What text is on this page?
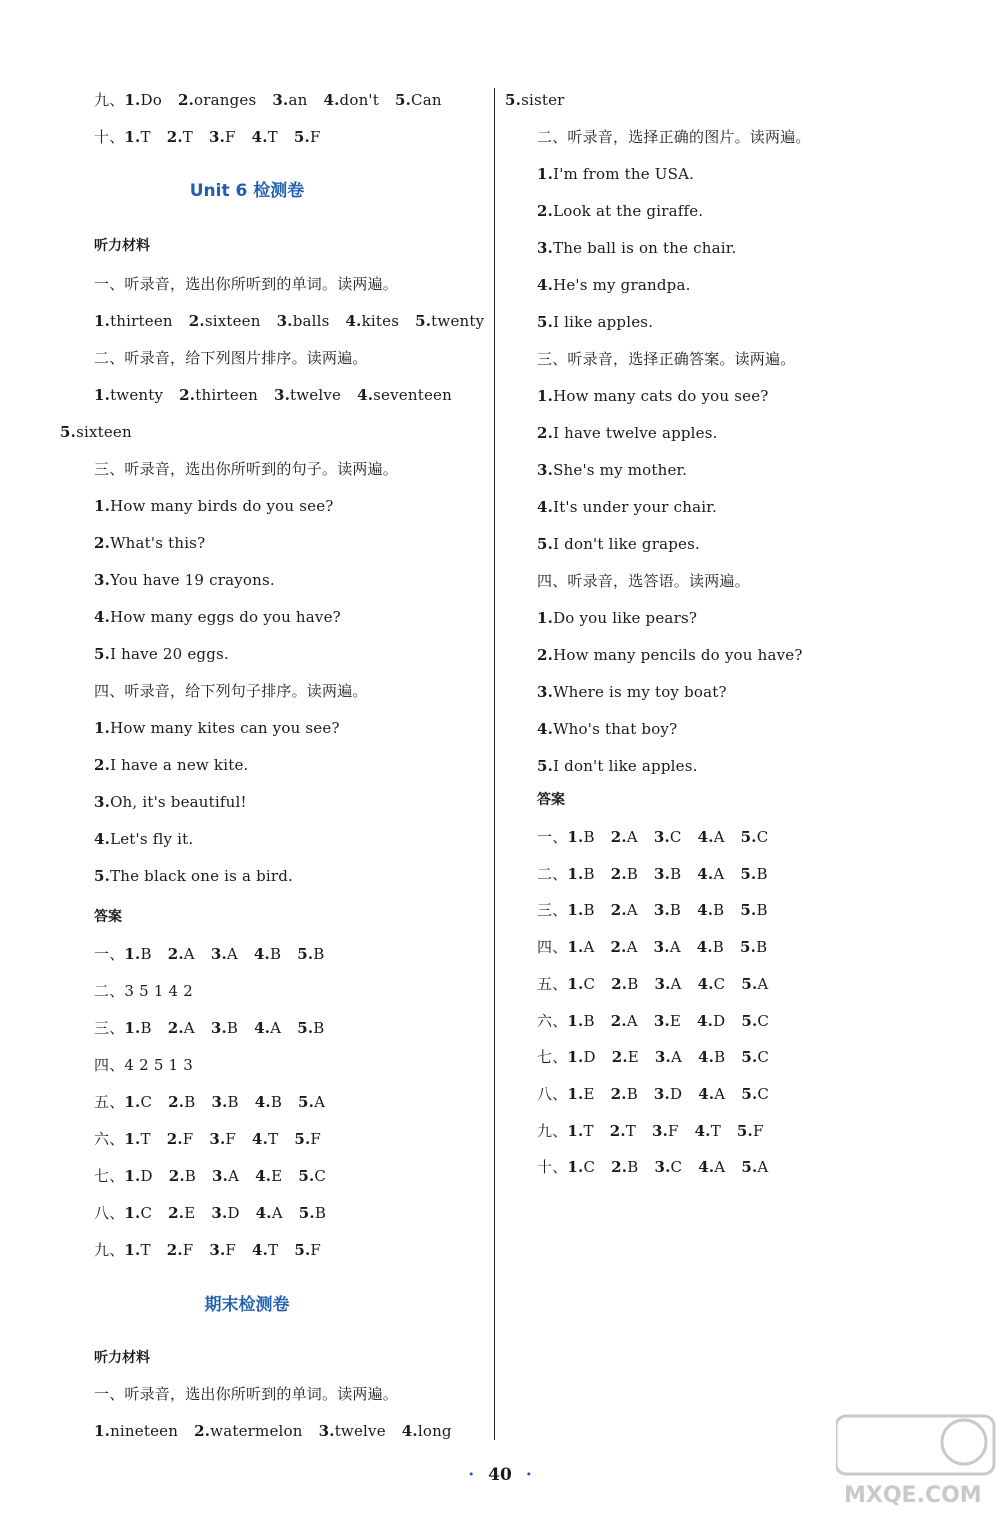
九、1.Do 2.oranges 3.an 4.don't 5.Can
十、1.T 2.T 3.F 4.T 5.F
Unit 6 检测卷
听力材料
一、听录音，选出你所听到的单词。读两遍。
1.thirteen 2.sixteen 3.balls 4.kites 5.twenty
二、听录音，给下列图片排序。读两遍。
1.twenty 2.thirteen 3.twelve 4.seventeen
5.sixteen
三、听录音，选出你所听到的句子。读两遍。
1.How many birds do you see?
2.What's this?
3.You have 19 crayons.
4.How many eggs do you have?
5.I have 20 eggs.
四、听录音，给下列句子排序。读两遍。
1.How many kites can you see?
2.I have a new kite.
3.Oh, it's beautiful!
4.Let's fly it.
5.The black one is a bird.
答案
一、1.B 2.A 3.A 4.B 5.B
二、3 5 1 4 2
三、1.B 2.A 3.B 4.A 5.B
四、4 2 5 1 3
五、1.C 2.B 3.B 4.B 5.A
六、1.T 2.F 3.F 4.T 5.F
七、1.D 2.B 3.A 4.E 5.C
八、1.C 2.E 3.D 4.A 5.B
九、1.T 2.F 3.F 4.T 5.F
期末检测卷
听力材料
一、听录音，选出你所听到的单词。读两遍。
1.nineteen 2.watermelon 3.twelve 4.long
5.sister
二、听录音，选择正确的图片。读两遍。
1.I'm from the USA.
2.Look at the giraffe.
3.The ball is on the chair.
4.He's my grandpa.
5.I like apples.
三、听录音，选择正确答案。读两遍。
1.How many cats do you see?
2.I have twelve apples.
3.She's my mother.
4.It's under your chair.
5.I don't like grapes.
四、听录音，选答语。读两遍。
1.Do you like pears?
2.How many pencils do you have?
3.Where is my toy boat?
4.Who's that boy?
5.I don't like apples.
答案
一、1.B 2.A 3.C 4.A 5.C
二、1.B 2.B 3.B 4.A 5.B
三、1.B 2.A 3.B 4.B 5.B
四、1.A 2.A 3.A 4.B 5.B
五、1.C 2.B 3.A 4.C 5.A
六、1.B 2.A 3.E 4.D 5.C
七、1.D 2.E 3.A 4.B 5.C
八、1.E 2.B 3.D 4.A 5.C
九、1.T 2.T 3.F 4.T 5.F
十、1.C 2.B 3.C 4.A 5.A
· 40 ·
MXQE.COM
